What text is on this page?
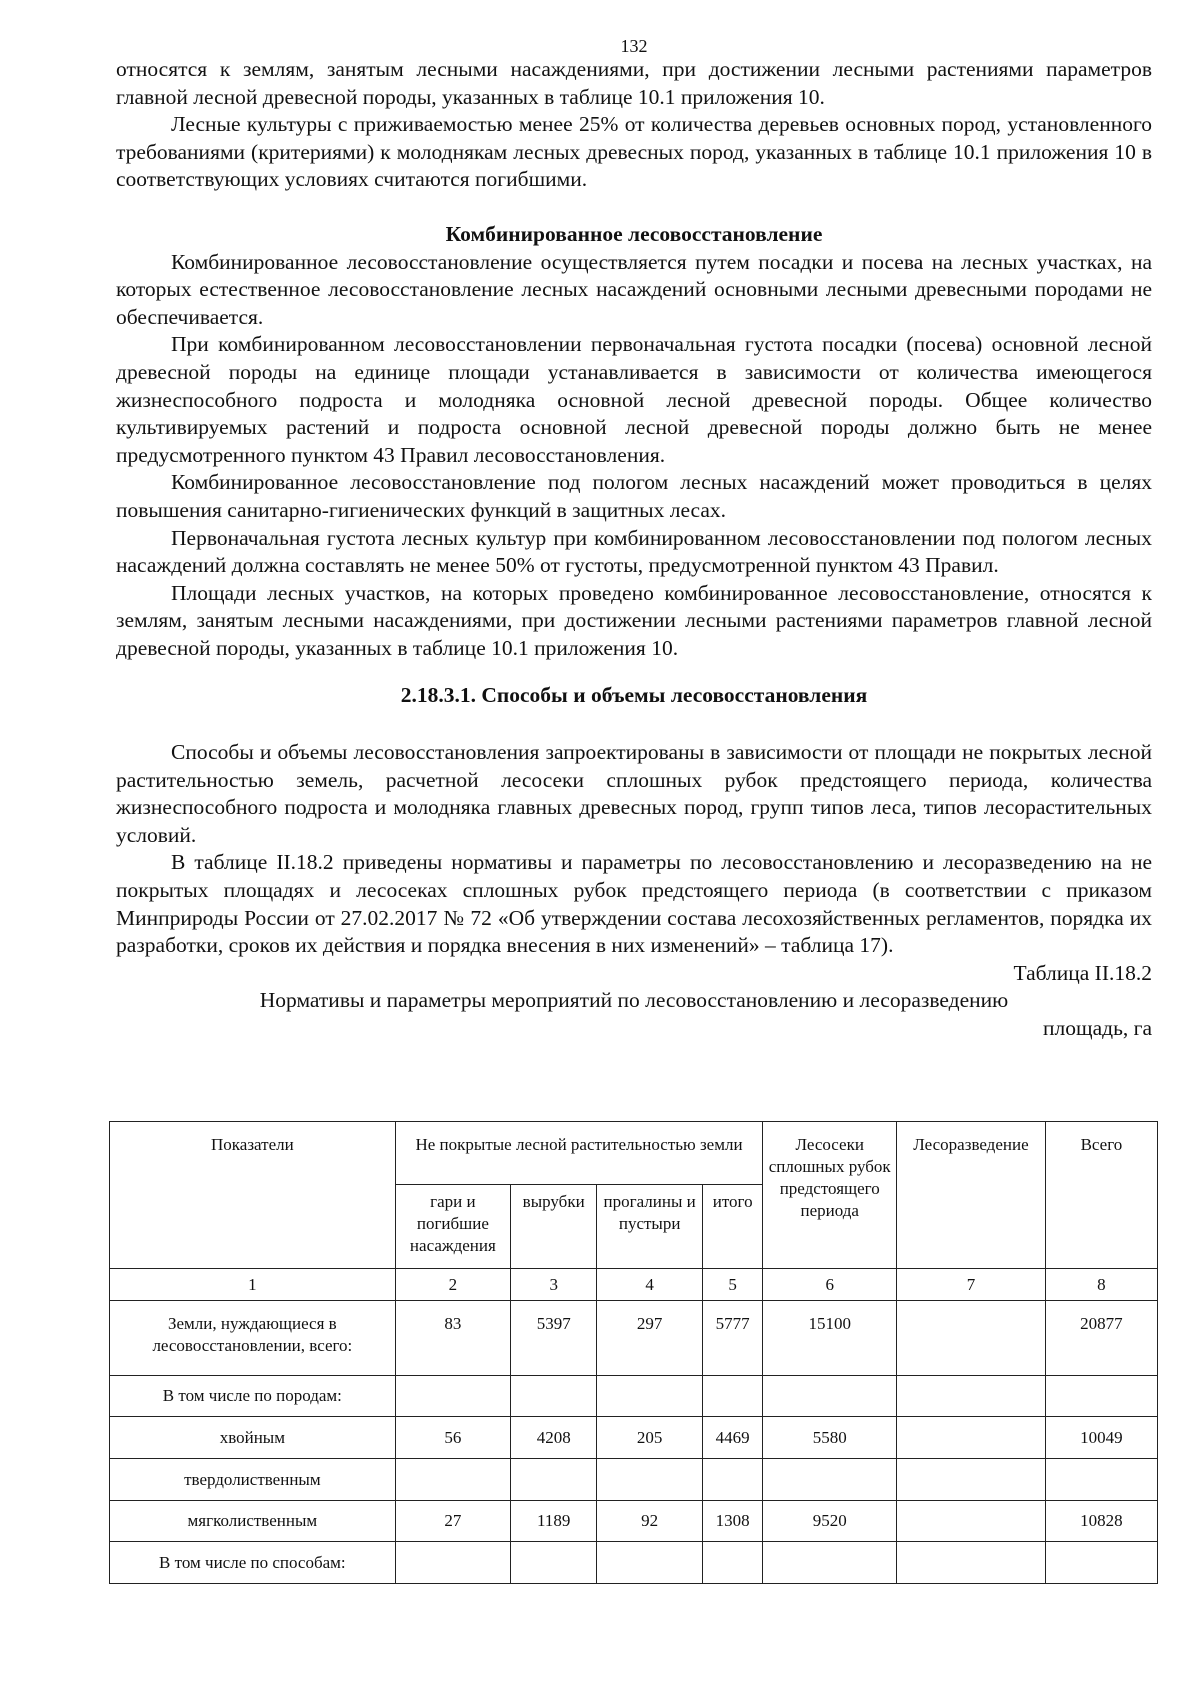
132

относятся к землям, занятым лесными насаждениями, при достижении лесными растениями параметров главной лесной древесной породы, указанных в таблице 10.1 приложения 10.

Лесные культуры с приживаемостью менее 25% от количества деревьев основных пород, установленного требованиями (критериями) к молоднякам лесных древесных пород, указанных в таблице 10.1 приложения 10 в соответствующих условиях считаются погибшими.

Комбинированное лесовосстановление

Комбинированное лесовосстановление осуществляется путем посадки и посева на лесных участках, на которых естественное лесовосстановление лесных насаждений основными лесными древесными породами не обеспечивается.

При комбинированном лесовосстановлении первоначальная густота посадки (посева) основной лесной древесной породы на единице площади устанавливается в зависимости от количества имеющегося жизнеспособного подроста и молодняка основной лесной древесной породы. Общее количество культивируемых растений и подроста основной лесной древесной породы должно быть не менее предусмотренного пунктом 43 Правил лесовосстановления.

Комбинированное лесовосстановление под пологом лесных насаждений может проводиться в целях повышения санитарно-гигиенических функций в защитных лесах.

Первоначальная густота лесных культур при комбинированном лесовосстановлении под пологом лесных насаждений должна составлять не менее 50% от густоты, предусмотренной пунктом 43 Правил.

Площади лесных участков, на которых проведено комбинированное лесовосстановление, относятся к землям, занятым лесными насаждениями, при достижении лесными растениями параметров главной лесной древесной породы, указанных в таблице 10.1 приложения 10.

2.18.3.1. Способы и объемы лесовосстановления

Способы и объемы лесовосстановления запроектированы в зависимости от площади не покрытых лесной растительностью земель, расчетной лесосеки сплошных рубок предстоящего периода, количества жизнеспособного подроста и молодняка главных древесных пород, групп типов леса, типов лесорастительных условий.

В таблице II.18.2 приведены нормативы и параметры по лесовосстановлению и лесоразведению на не покрытых площадях и лесосеках сплошных рубок предстоящего периода (в соответствии с приказом Минприроды России от 27.02.2017 № 72 «Об утверждении состава лесохозяйственных регламентов, порядка их разработки, сроков их действия и порядка внесения в них изменений» – таблица 17).

Таблица II.18.2
Нормативы и параметры мероприятий по лесовосстановлению и лесоразведению
площадь, га
Показатели	Не покрытые лесной растительностью земли				Лесосеки сплошных рубок предстоящего периода	Лесоразведение	Всего
	гари и погибшие насаждения	вырубки	прогалины и пустыри	итого			
1	2	3	4	5	6	7	8
Земли, нуждающиеся в лесовосстановлении, всего:	83	5397	297	5777	15100		20877
В том числе по породам:							
хвойным	56	4208	205	4469	5580		10049
твердолиственным							
мягколиственным	27	1189	92	1308	9520		10828
В том числе по способам:							
